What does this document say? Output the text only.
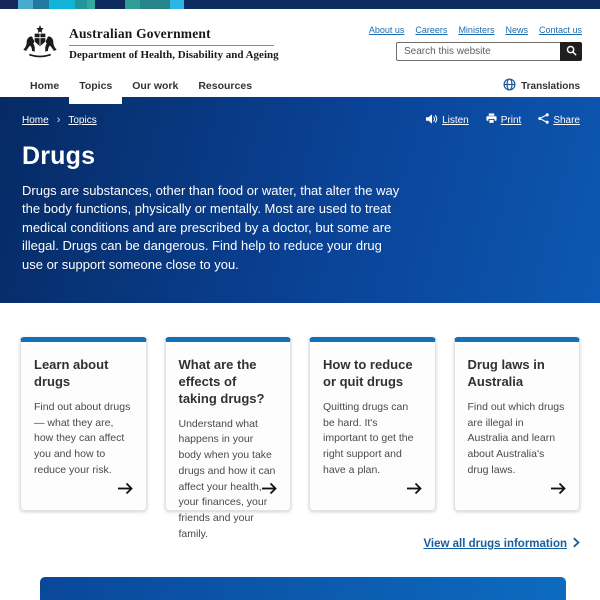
Australian Government
Department of Health, Disability and Ageing
About us Careers Ministers News Contact us
Search this website
Home	Topics	Our work	Resources	Translations
Home › Topics	Listen	Print	Share
Drugs

Drugs are substances, other than food or water, that alter the way the body functions, physically or mentally. Most are used to treat medical conditions and are prescribed by a doctor, but some are illegal. Drugs can be dangerous. Find help to reduce your drug use or support someone close to you.

Learn about drugs

Find out about drugs — what they are, how they can affect you and how to reduce your risk.

What are the effects of taking drugs?

Understand what happens in your body when you take drugs and how it can affect your health, your finances, your friends and your family.

How to reduce or quit drugs

Quitting drugs can be hard. It's important to get the right support and have a plan.

Drug laws in Australia

Find out which drugs are illegal in Australia and learn about Australia's drug laws.

View all drugs information
